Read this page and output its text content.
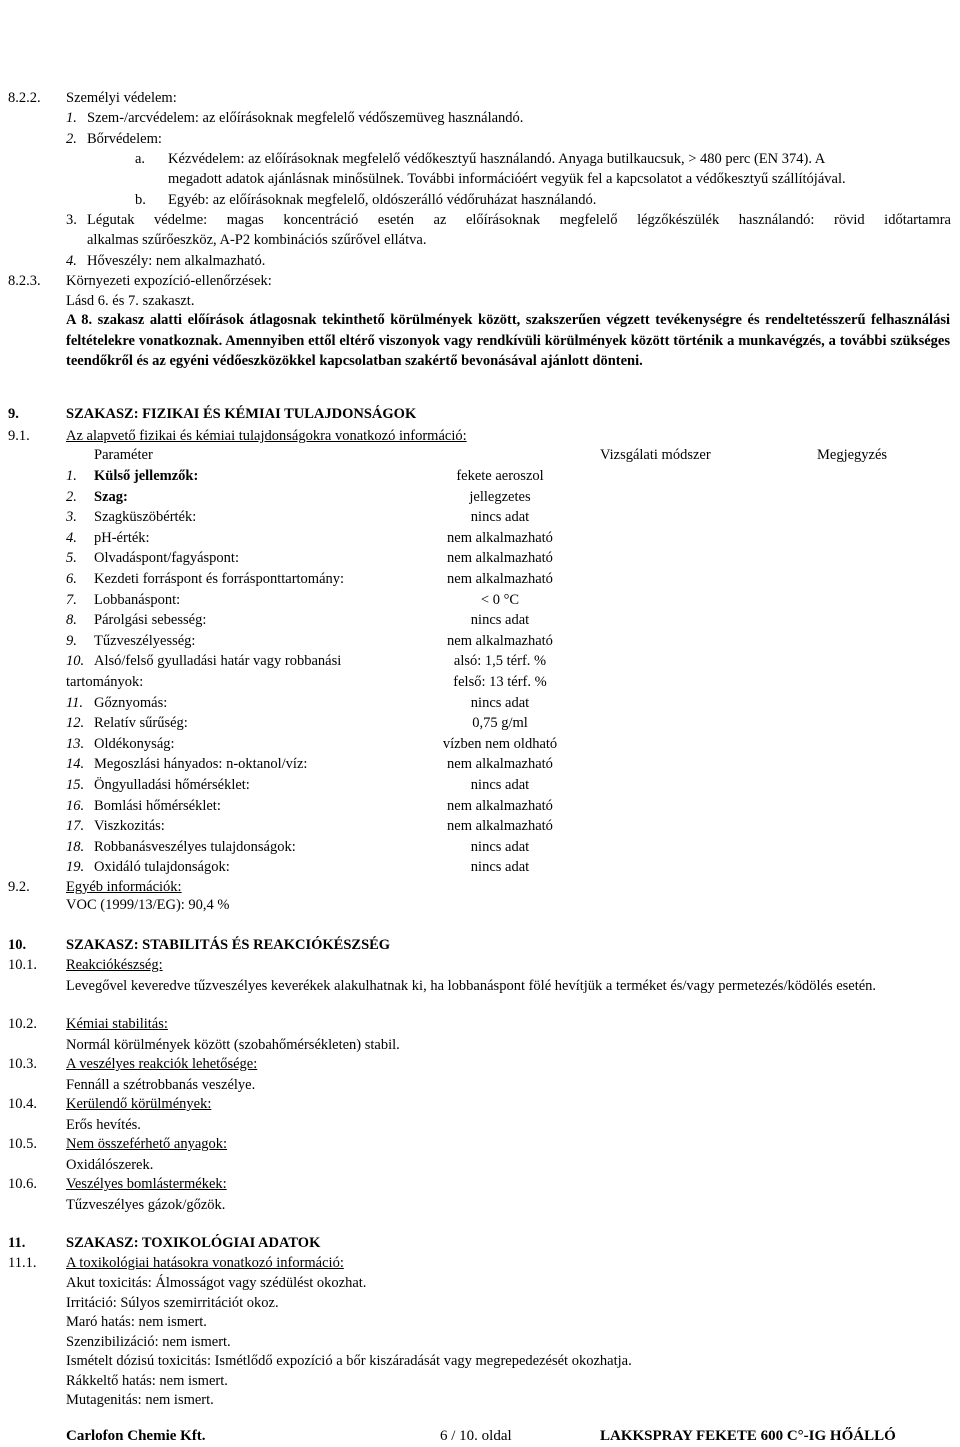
Elkészítés időpontja: 2013. június 5.
Felülvizsgálat időpontja: -
Verziószám: 1
http://www.biztonsagiadatlap.hu
8.2.2. Személyi védelem:
1. Szem-/arcvédelem: az előírásoknak megfelelő védőszemüveg használandó.
2. Bőrvédelem:
a. Kézvédelem: az előírásoknak megfelelő védőkesztyű használandó. Anyaga butilkaucsuk, > 480 perc (EN 374). A
megadott adatok ajánlásnak minősülnek. További információért vegyük fel a kapcsolatot a védőkesztyű szállítójával.
b. Egyéb: az előírásoknak megfelelő, oldószerálló védőruházat használandó.
3. Légutak védelme: magas koncentráció esetén az előírásoknak megfelelő légzőkészülék használandó: rövid időtartamra
alkalmas szűrőeszköz, A-P2 kombinációs szűrővel ellátva.
4. Hőveszély: nem alkalmazható.
8.2.3. Környezeti expozíció-ellenőrzések:
Lásd 6. és 7. szakaszt.
A 8. szakasz alatti előírások átlagosnak tekinthető körülmények között, szakszerűen végzett tevékenységre és rendeltetésszerű felhasználási feltételekre vonatkoznak. Amennyiben ettől eltérő viszonyok vagy rendkívüli körülmények között történik a munkavégzés, a további szükséges teendőkről és az egyéni védőeszközökkel kapcsolatban szakértő bevonásával ajánlott dönteni.
9.	SZAKASZ: FIZIKAI ÉS KÉMIAI TULAJDONSÁGOK
9.1.	Az alapvető fizikai és kémiai tulajdonságokra vonatkozó információ:
Paraméter	Vizsgálati módszer	Megjegyzés
1. Külső jellemzők:	fekete aeroszol
2. Szag:	jellegzetes
3. Szagküszöbérték:	nincs adat
4. pH-érték:	nem alkalmazható
5. Olvadáspont/fagyáspont:	nem alkalmazható
6. Kezdeti forráspont és forrásponttartomány:	nem alkalmazható
7. Lobbanáspont:	< 0 °C
8. Párolgási sebesség:	nincs adat
9. Tűzveszélyesség:	nem alkalmazható
10. Alsó/felső gyulladási határ vagy robbanási	alsó: 1,5 térf. %
tartományok:	felső: 13 térf. %
11. Gőznyomás:	nincs adat
12. Relatív sűrűség:	0,75 g/ml
13. Oldékonyság:	vízben nem oldható
14. Megoszlási hányados: n-oktanol/víz:	nem alkalmazható
15. Öngyulladási hőmérséklet:	nincs adat
16. Bomlási hőmérséklet:	nem alkalmazható
17. Viszkozitás:	nem alkalmazható
18. Robbanásveszélyes tulajdonságok:	nincs adat
19. Oxidáló tulajdonságok:	nincs adat
9.2.	Egyéb információk:
VOC (1999/13/EG): 90,4 %
10.	SZAKASZ: STABILITÁS ÉS REAKCIÓKÉSZSÉG
10.1. Reakciókészség:
Levegővel keveredve tűzveszélyes keverékek alakulhatnak ki, ha lobbanáspont fölé hevítjük a terméket és/vagy permetezés/ködölés esetén.
10.2. Kémiai stabilitás:
Normál körülmények között (szobahőmérsékleten) stabil.
10.3. A veszélyes reakciók lehetősége:
Fennáll a szétrobbanás veszélye.
10.4. Kerülendő körülmények:
Erős hevítés.
10.5. Nem összeférhető anyagok:
Oxidálószerek.
10.6. Veszélyes bomlástermékek:
Tűzveszélyes gázok/gőzök.
11.	SZAKASZ: TOXIKOLÓGIAI ADATOK
11.1. A toxikológiai hatásokra vonatkozó információ:
Akut toxicitás: Álmosságot vagy szédülést okozhat.
Irritáció: Súlyos szemirritációt okoz.
Maró hatás: nem ismert.
Szenzibilizáció: nem ismert.
Ismételt dózisú toxicitás: Ismétlődő expozíció a bőr kiszáradását vagy megrepedezését okozhatja.
Rákkeltő hatás: nem ismert.
Mutagenitás: nem ismert.
Carlofon Chemie Kft.	6 / 10. oldal	LAKKSPRAY FEKETE 600 C°-IG HŐÁLLÓ
